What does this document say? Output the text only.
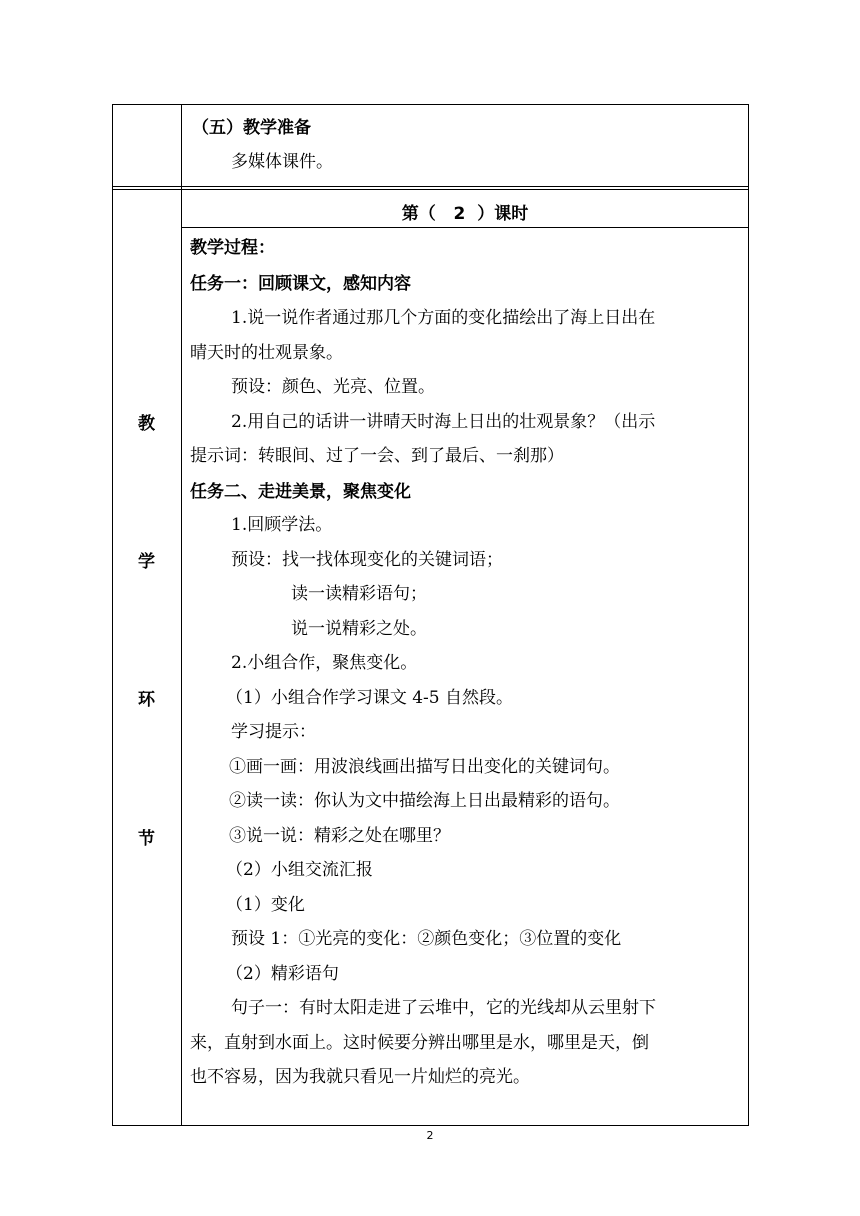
（五）教学准备
多媒体课件。
教
学
环
节
第（   2  ）课时
教学过程：
任务一：回顾课文，感知内容
1.说一说作者通过那几个方面的变化描绘出了海上日出在
晴天时的壮观景象。
预设：颜色、光亮、位置。
2.用自己的话讲一讲晴天时海上日出的壮观景象？（出示
提示词：转眼间、过了一会、到了最后、一刹那）
任务二、走进美景，聚焦变化
1.回顾学法。
预设：找一找体现变化的关键词语；
读一读精彩语句；
说一说精彩之处。
2.小组合作，聚焦变化。
（1）小组合作学习课文 4-5 自然段。
学习提示：
①画一画：用波浪线画出描写日出变化的关键词句。
②读一读：你认为文中描绘海上日出最精彩的语句。
③说一说：精彩之处在哪里？
（2）小组交流汇报
（1）变化
预设 1：①光亮的变化：②颜色变化；③位置的变化
（2）精彩语句
句子一：有时太阳走进了云堆中，它的光线却从云里射下
来，直射到水面上。这时候要分辨出哪里是水，哪里是天，倒
也不容易，因为我就只看见一片灿烂的亮光。
2
